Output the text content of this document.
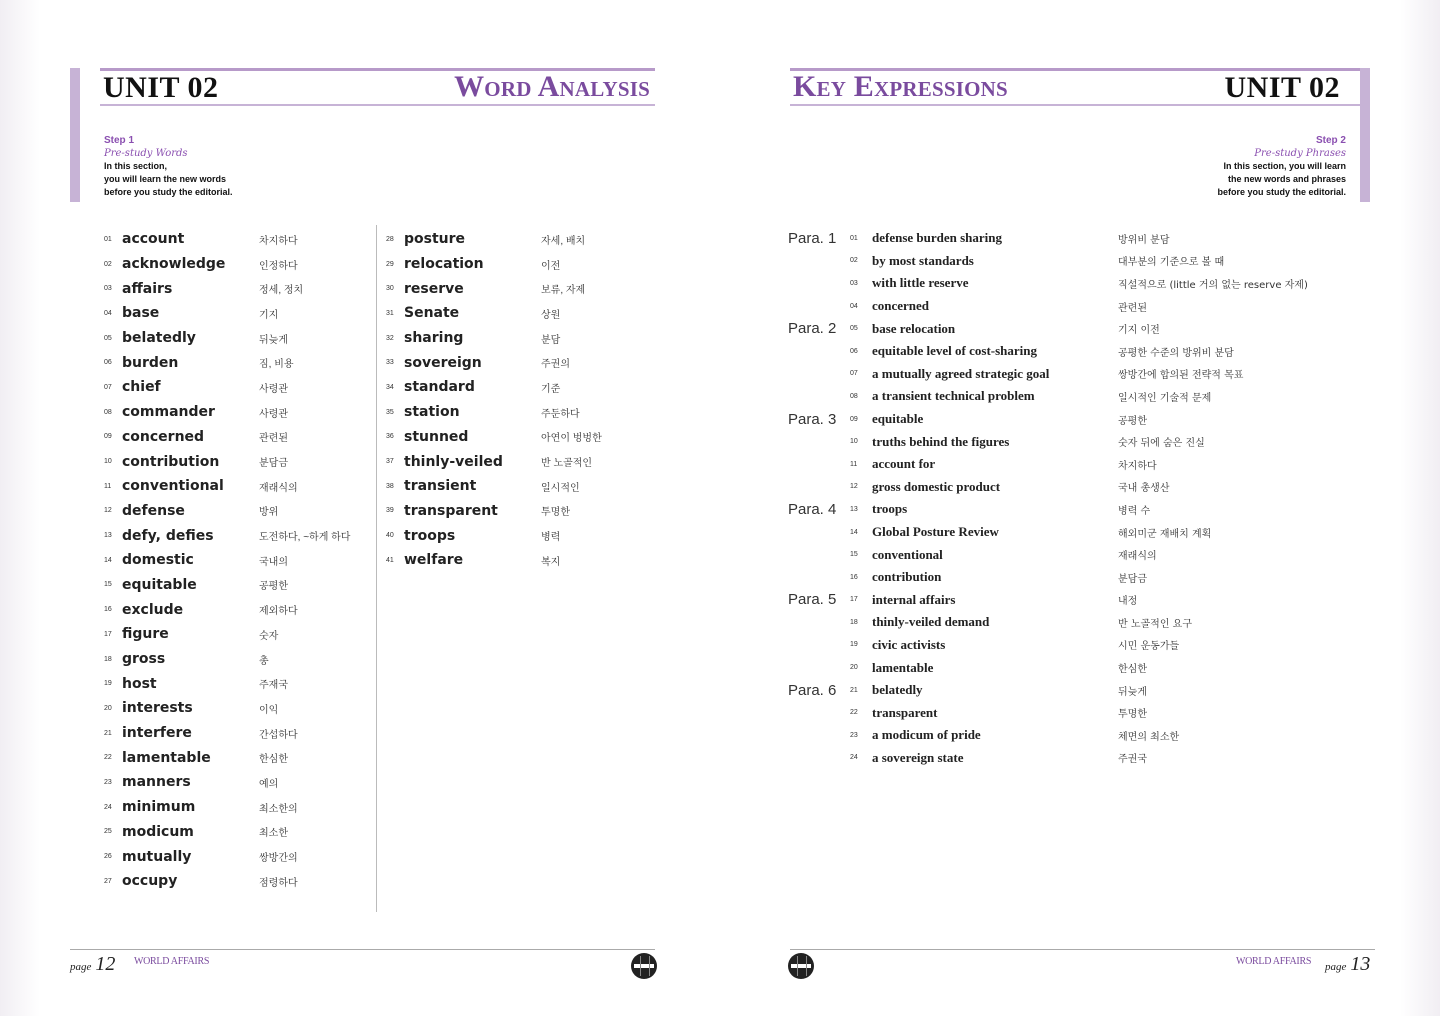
UNIT 02	Word Analysis
Step 1
Pre-study Words
In this section,
you will learn the new words
before you study the editorial.
01 account	차지하다
02 acknowledge	인정하다
03 affairs	정세, 정치
04 base	기지
05 belatedly	뒤늦게
06 burden	짐, 비용
07 chief	사령관
08 commander	사령관
09 concerned	관련된
10 contribution	분담금
11 conventional	재래식의
12 defense	방위
13 defy, defies	도전하다, ~하게 하다
14 domestic	국내의
15 equitable	공평한
16 exclude	제외하다
17 figure	숫자
18 gross	총
19 host	주재국
20 interests	이익
21 interfere	간섭하다
22 lamentable	한심한
23 manners	예의
24 minimum	최소한의
25 modicum	최소한
26 mutually	쌍방간의
27 occupy	점령하다
28 posture	자세, 배치
29 relocation	이전
30 reserve	보류, 자제
31 Senate	상원
32 sharing	분담
33 sovereign	주권의
34 standard	기준
35 station	주둔하다
36 stunned	아연이 벙벙한
37 thinly-veiled	반 노골적인
38 transient	일시적인
39 transparent	투명한
40 troops	병력
41 welfare	복지
page 12 WORLD AFFAIRS
Key Expressions	UNIT 02
Step 2
Pre-study Phrases
In this section, you will learn
the new words and phrases
before you study the editorial.
Para. 1	01	defense burden sharing	방위비 분담
02	by most standards	대부분의 기준으로 볼 때
03	with little reserve	직설적으로 (little 거의 없는 reserve 자제)
04	concerned	관련된
Para. 2	05	base relocation	기지 이전
06	equitable level of cost-sharing	공평한 수준의 방위비 분담
07	a mutually agreed strategic goal	쌍방간에 합의된 전략적 목표
08	a transient technical problem	일시적인 기술적 문제
Para. 3	09	equitable	공평한
10	truths behind the figures	숫자 뒤에 숨은 진실
11	account for	차지하다
12	gross domestic product	국내 총생산
Para. 4	13	troops	병력 수
14	Global Posture Review	해외미군 재배치 계획
15	conventional	재래식의
16	contribution	분담금
Para. 5	17	internal affairs	내정
18	thinly-veiled demand	반 노골적인 요구
19	civic activists	시민 운동가들
20	lamentable	한심한
Para. 6	21	belatedly	뒤늦게
22	transparent	투명한
23	a modicum of pride	체면의 최소한
24	a sovereign state	주권국
WORLD AFFAIRS page 13
